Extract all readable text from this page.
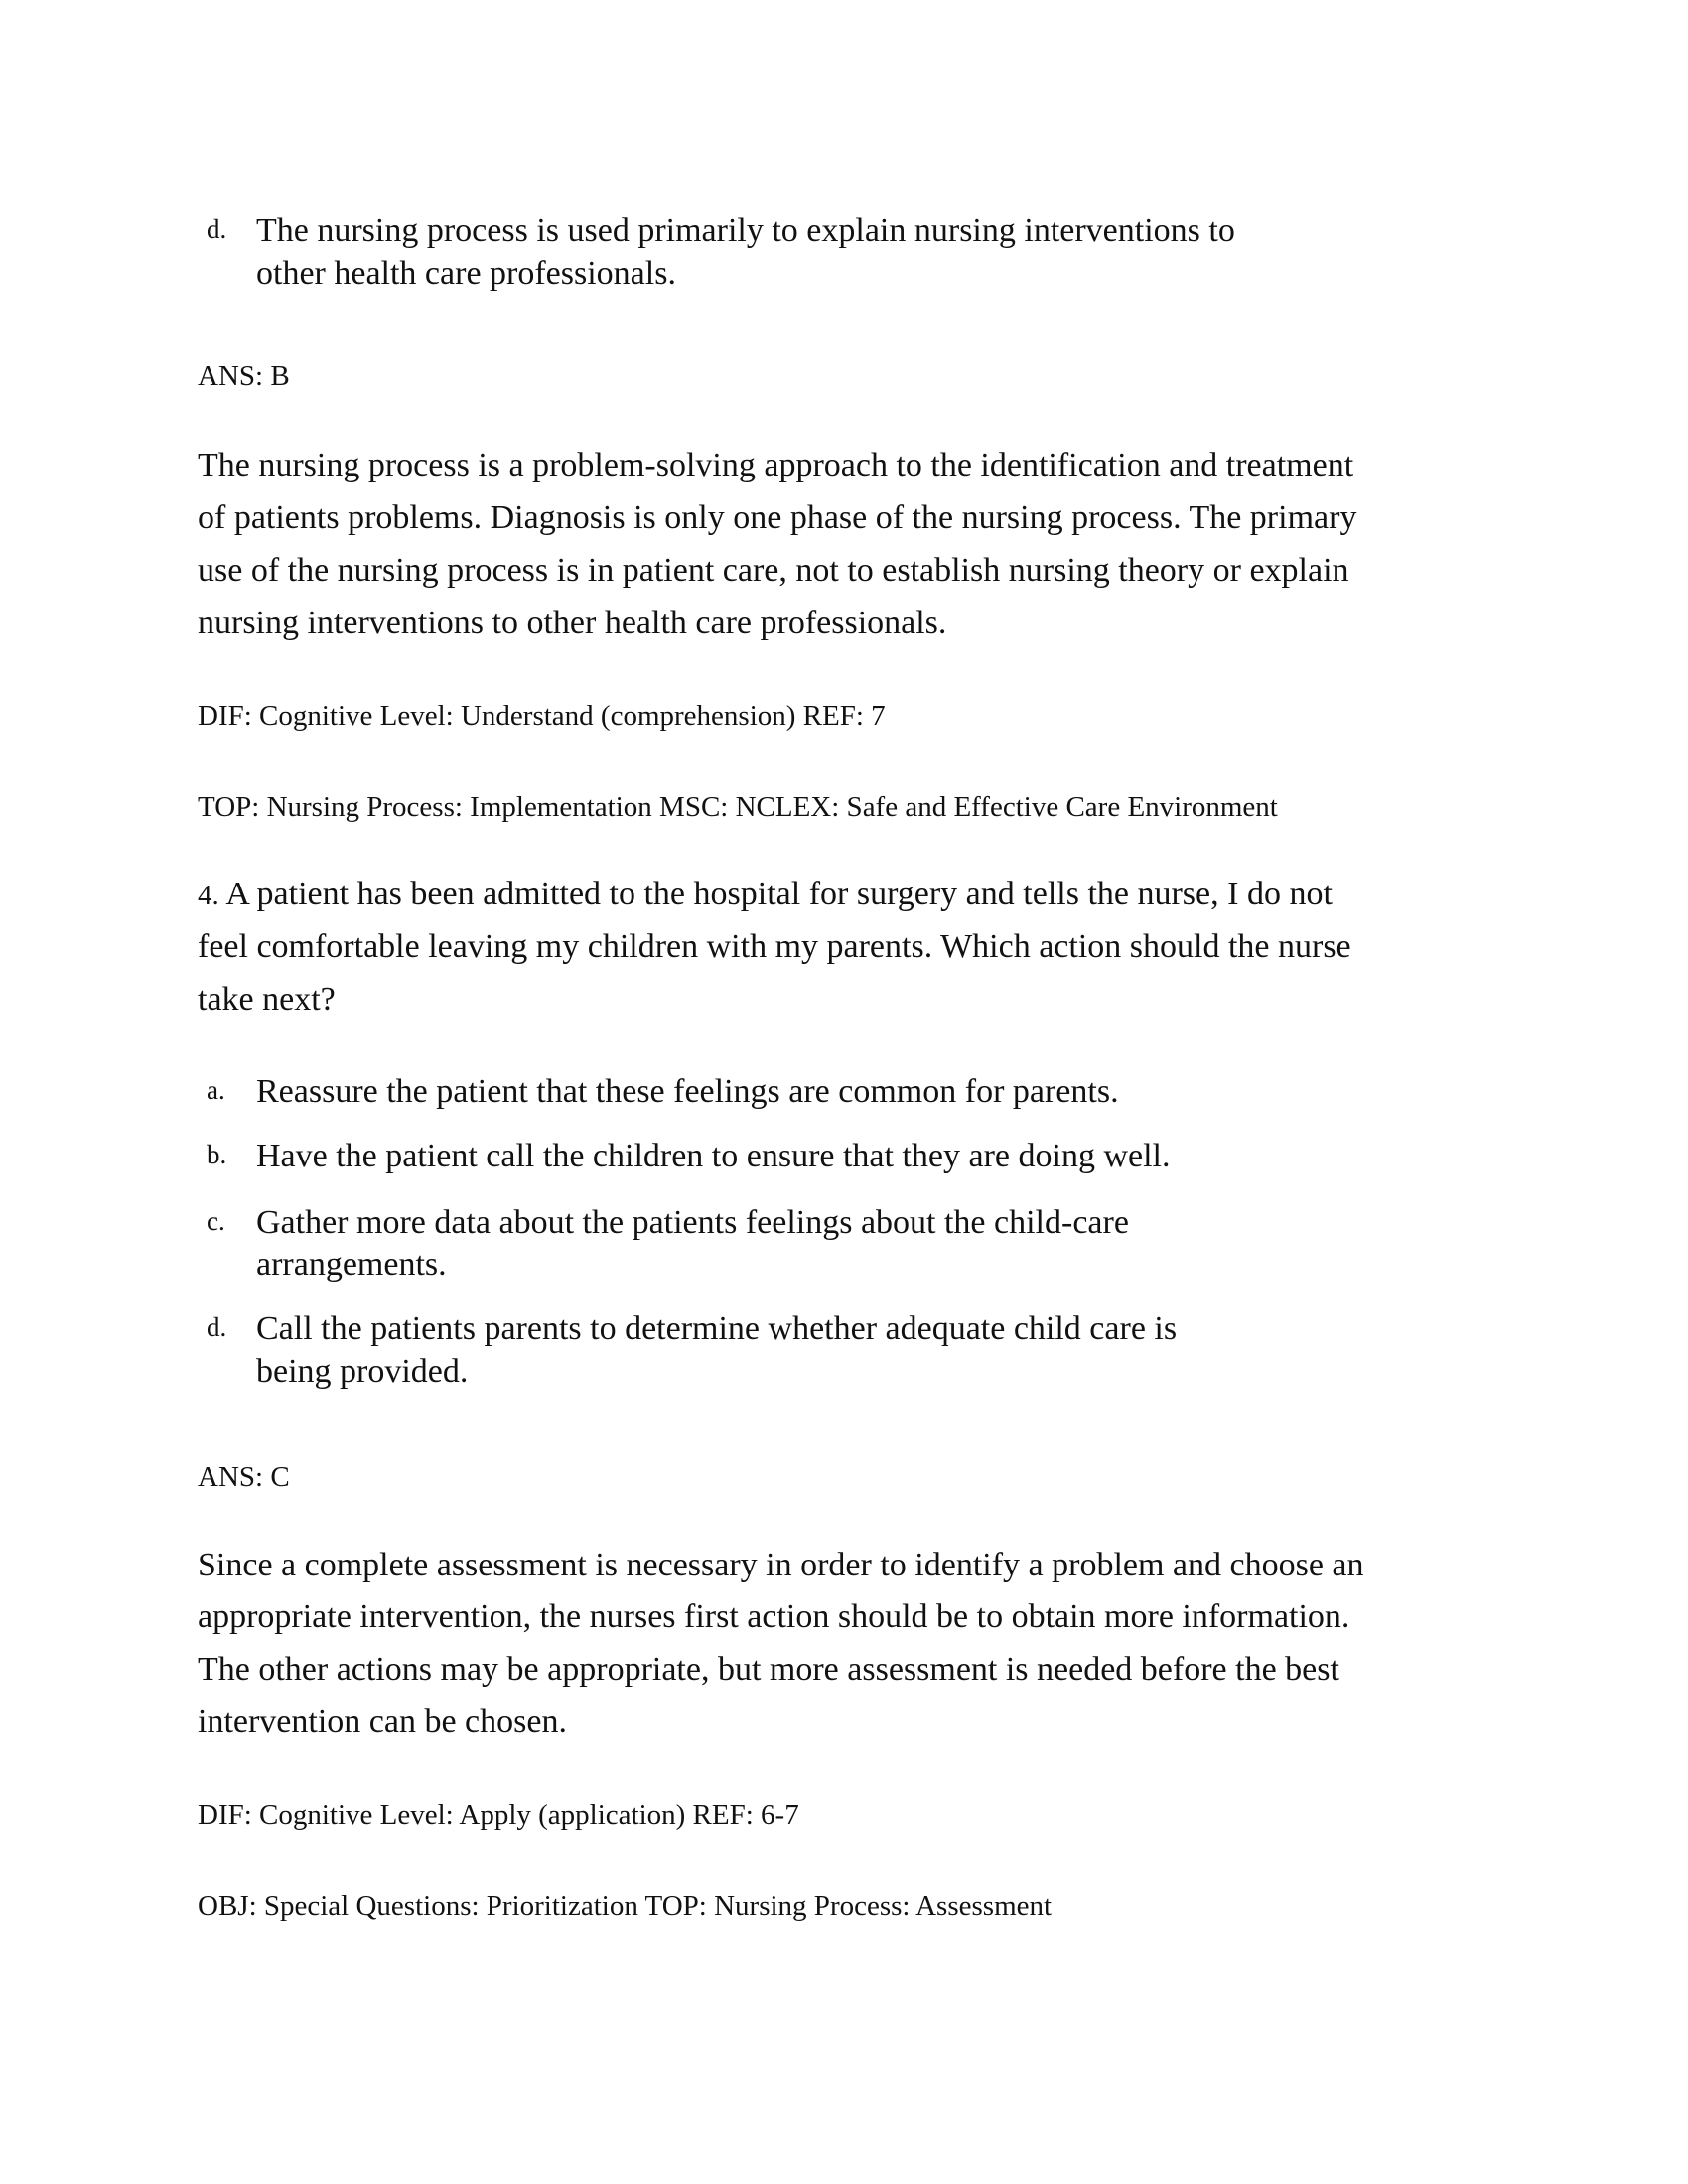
d. The nursing process is used primarily to explain nursing interventions to
other health care professionals.
ANS: B
The nursing process is a problem-solving approach to the identification and treatment
of patients problems. Diagnosis is only one phase of the nursing process. The primary
use of the nursing process is in patient care, not to establish nursing theory or explain
nursing interventions to other health care professionals.
DIF: Cognitive Level: Understand (comprehension) REF: 7
TOP: Nursing Process: Implementation MSC: NCLEX: Safe and Effective Care Environment
4. A patient has been admitted to the hospital for surgery and tells the nurse, I do not
feel comfortable leaving my children with my parents. Which action should the nurse
take next?
a. Reassure the patient that these feelings are common for parents.
b. Have the patient call the children to ensure that they are doing well.
c. Gather more data about the patients feelings about the child-care
arrangements.
d. Call the patients parents to determine whether adequate child care is
being provided.
ANS: C
Since a complete assessment is necessary in order to identify a problem and choose an
appropriate intervention, the nurses first action should be to obtain more information.
The other actions may be appropriate, but more assessment is needed before the best
intervention can be chosen.
DIF: Cognitive Level: Apply (application) REF: 6-7
OBJ: Special Questions: Prioritization TOP: Nursing Process: Assessment
